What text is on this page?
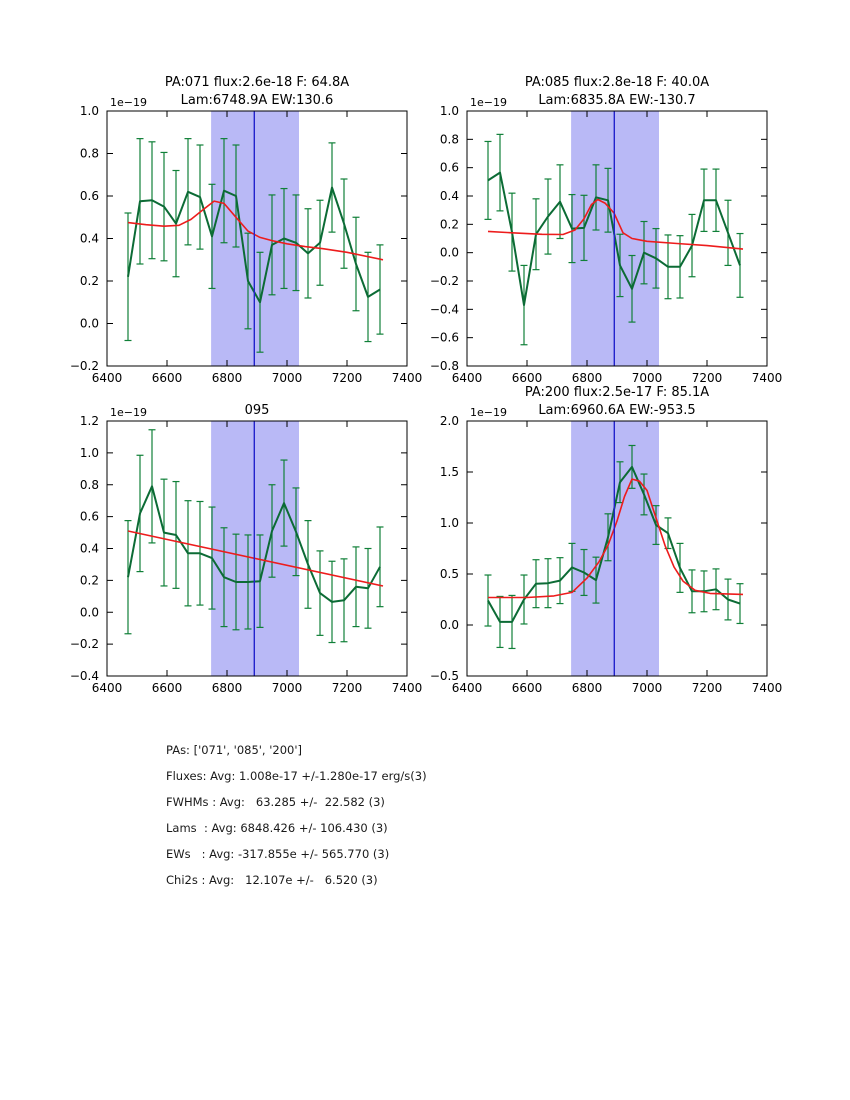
6400 6600 6800 7000 7200 7400
1.0
0.8
0.6
0.4
0.2
0.0
−0.2
1e−19
PA:071 flux:2.6e-18 F: 64.8A
Lam:6748.9A EW:130.6
6400 6600 6800 7000 7200 7400
1.0
0.8
0.6
0.4
0.2
0.0
−0.2
−0.4
−0.6
−0.8
1e−19
PA:085 flux:2.8e-18 F: 40.0A
Lam:6835.8A EW:-130.7
6400 6600 6800 7000 7200 7400
1.2
1.0
0.8
0.6
0.4
0.2
0.0
−0.2
−0.4
1e−19	095
6400 6600 6800 7000 7200 7400
2.0
1.5
1.0
0.5
0.0
−0.5
1e−19
PA:200 flux:2.5e-17 F: 85.1A
Lam:6960.6A EW:-953.5
PAs: ['071', '085', '200']
Fluxes: Avg: 1.008e-17 +/-1.280e-17 erg/s(3)
FWHMs : Avg:   63.285 +/-  22.582 (3)
Lams  : Avg: 6848.426 +/- 106.430 (3)
EWs   : Avg: -317.855e +/- 565.770 (3)
Chi2s : Avg:   12.107e +/-   6.520 (3)
